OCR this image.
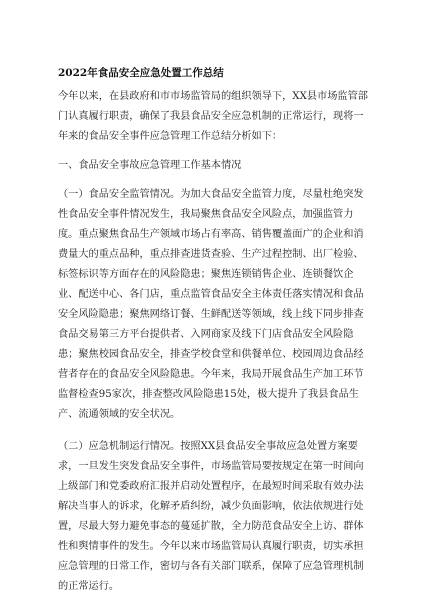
2022年食品安全应急处置工作总结
今年以来，在县政府和市市场监管局的组织领导下，XX县市场监管部
门认真履行职责，确保了我县食品安全应急机制的正常运行，现将一
年来的食品安全事件应急管理工作总结分析如下：
一、食品安全事故应急管理工作基本情况
（一）食品安全监管情况。为加大食品安全监管力度，尽量杜绝突发
性食品安全事件情况发生，我局聚焦食品安全风险点，加强监管力
度。重点聚焦食品生产领域市场占有率高、销售覆盖面广的企业和消
费量大的重点品种，重点排查进货查验、生产过程控制、出厂检验、
标签标识等方面存在的风险隐患；聚焦连锁销售企业、连锁餐饮企
业、配送中心、各门店，重点监管食品安全主体责任落实情况和食品
安全风险隐患；聚焦网络订餐、生鲜配送等领域，线上线下同步排查
食品交易第三方平台提供者、入网商家及线下门店食品安全风险隐
患；聚焦校园食品安全，排查学校食堂和供餐单位、校园周边食品经
营者存在的食品安全风险隐患。今年来，我局开展食品生产加工环节
监督检查95家次，排查整改风险隐患15处，极大提升了我县食品生
产、流通领域的安全状况。
（二）应急机制运行情况。按照XX县食品安全事故应急处置方案要
求，一旦发生突发食品安全事件，市场监管局要按规定在第一时间向
上级部门和党委政府汇报并启动处置程序，在最短时间采取有效办法
解决当事人的诉求，化解矛盾纠纷，减少负面影响，依法依规进行处
置，尽最大努力避免事态的蔓延扩散，全力防范食品安全上访、群体
性和舆情事件的发生。今年以来市场监管局认真履行职责，切实承担
应急管理的日常工作，密切与各有关部门联系，保障了应急管理机制
的正常运行。
